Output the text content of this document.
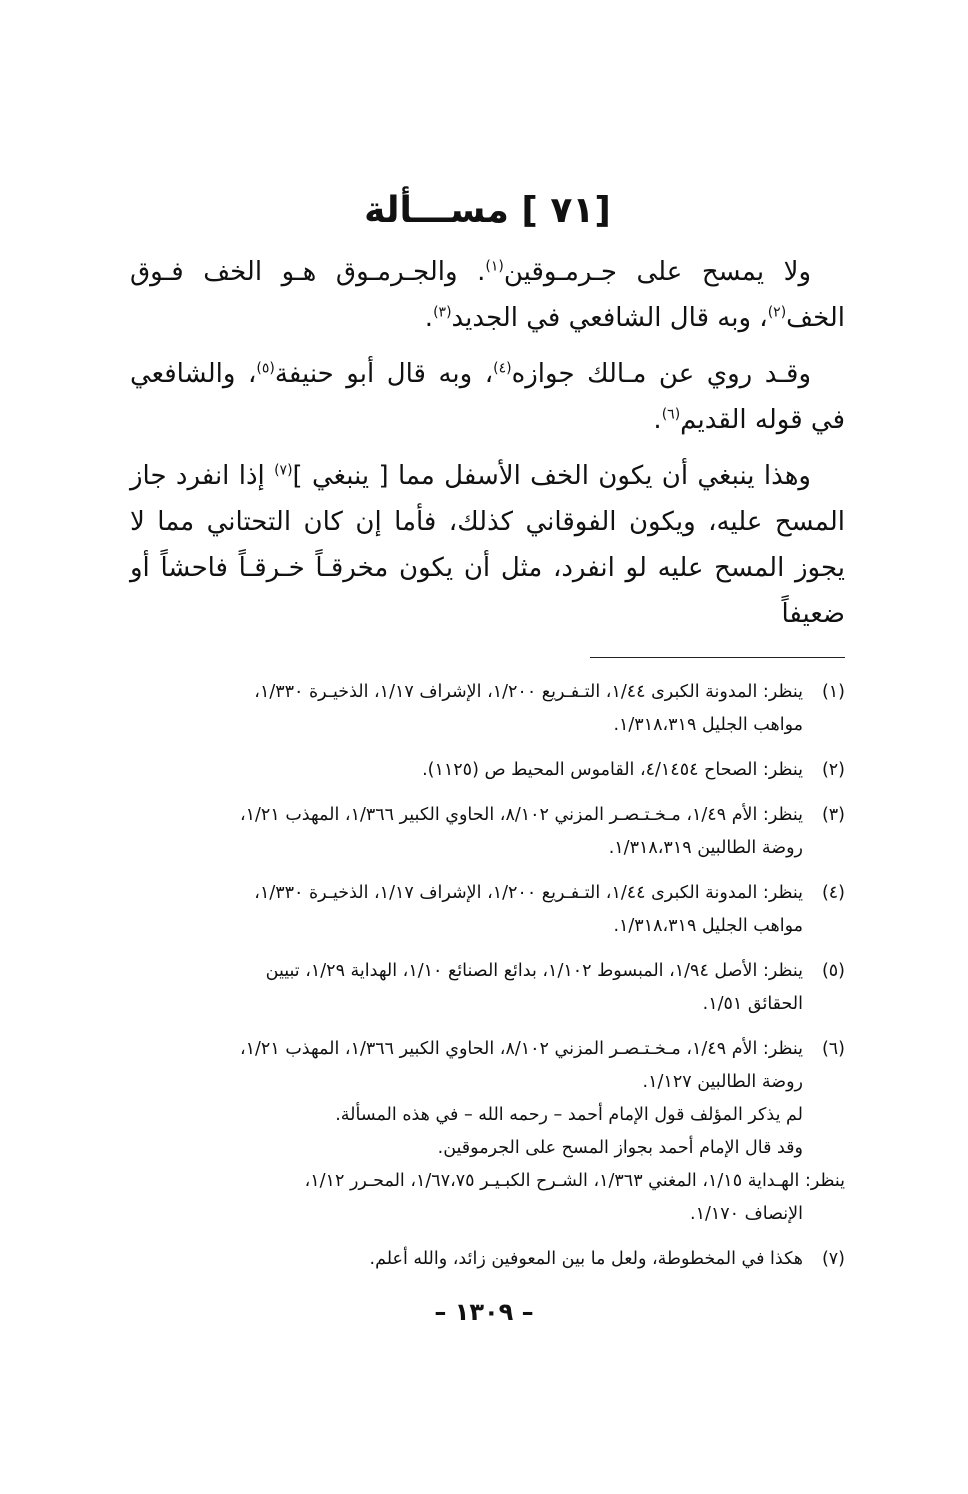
[٧١ ] مســـألة

ولا يمسح على جـرمـوقين$^{(١)}$. والجـرمـوق هـو الخف فـوق الخف$^{(٢)}$، وبه قال الشافعي في الجديد$^{(٣)}$.

وقـد روي عن مـالك جوازه$^{(٤)}$، وبه قال أبو حنيفة$^{(٥)}$، والشافعي في قوله القديم$^{(٦)}$.

وهذا ينبغي أن يكون الخف الأسفل مما [ ينبغي ]$^{(٧)}$ إذا انفرد جاز المسح عليه، ويكون الفوقاني كذلك، فأما إن كان التحتاني مما لا يجوز المسح عليه لو انفرد، مثل أن يكون مخرقـاً خـرقـاً فاحشاً أو ضعيفاً

(١)
ينظر: المدونة الكبرى ١/٤٤، التـفـريع ١/٢٠٠، الإشراف ١/١٧، الذخيـرة ١/٣٣٠،
مواهب الجليل ١/٣١٨،٣١٩.
(٢)
ينظر: الصحاح ٤/١٤٥٤، القاموس المحيط ص (١١٢٥).
(٣)
ينظر: الأم ١/٤٩، مـخـتـصـر المزني ٨/١٠٢، الحاوي الكبير ١/٣٦٦، المهذب ١/٢١،
روضة الطالبين ١/٣١٨،٣١٩.
(٤)
ينظر: المدونة الكبرى ١/٤٤، التـفـريع ١/٢٠٠، الإشراف ١/١٧، الذخيـرة ١/٣٣٠،
مواهب الجليل ١/٣١٨،٣١٩.
(٥)
ينظر: الأصل ١/٩٤، المبسوط ١/١٠٢، بدائع الصنائع ١/١٠، الهداية ١/٢٩، تبيين
الحقائق ١/٥١.
(٦)
ينظر: الأم ١/٤٩، مـخـتـصـر المزني ٨/١٠٢، الحاوي الكبير ١/٣٦٦، المهذب ١/٢١،
روضة الطالبين ١/١٢٧.
لم يذكر المؤلف قول الإمام أحمد – رحمه الله – في هذه المسألة.
وقد قال الإمام أحمد بجواز المسح على الجرموقين.
ينظر: الهـداية ١/١٥، المغني ١/٣٦٣، الشـرح الكبـيـر ١/٦٧،٧٥، المحـرر ١/١٢،
الإنصاف ١/١٧٠.
(٧)
هكذا في المخطوطة، ولعل ما بين المعوفين زائد، والله أعلم.
– ١٣٠٩ –
